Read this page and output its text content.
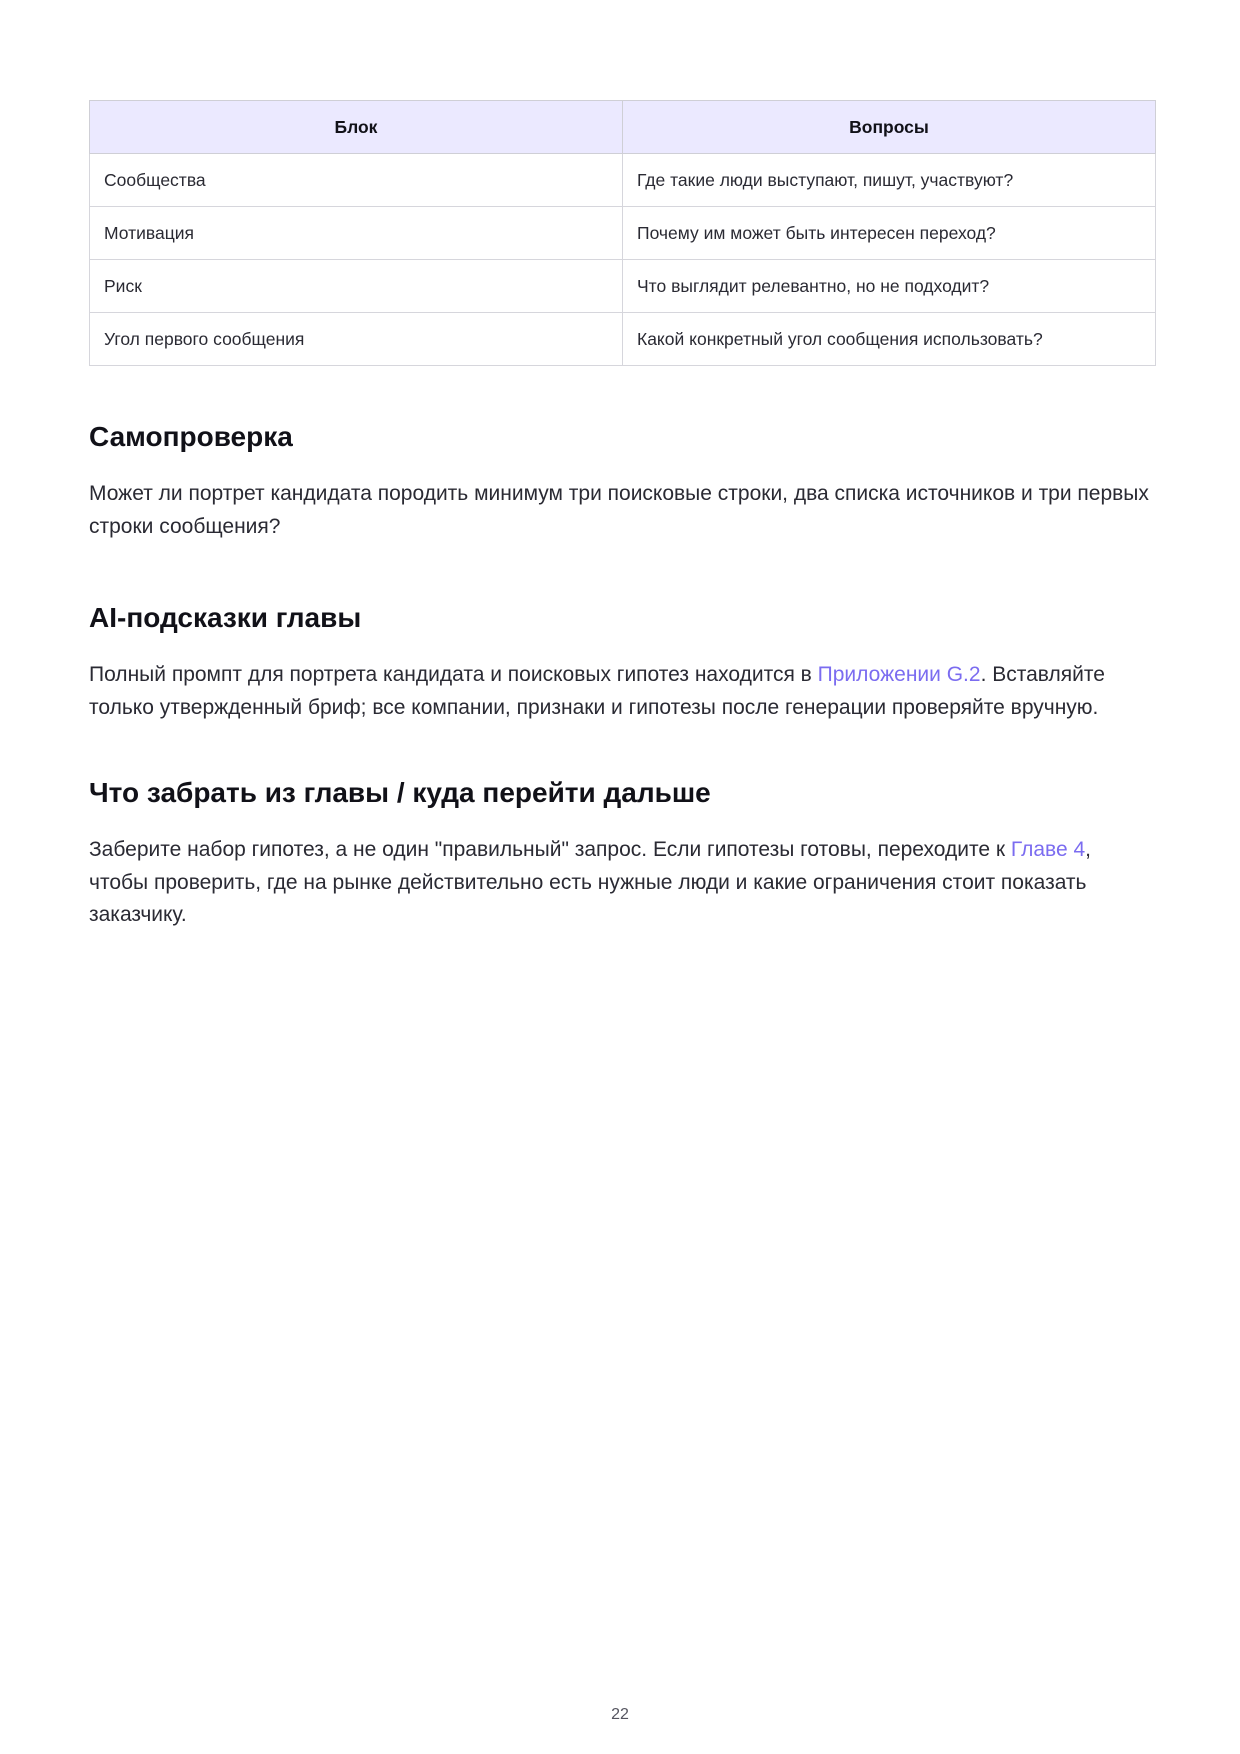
Блок	Вопросы
Сообщества	Где такие люди выступают, пишут, участвуют?
Мотивация	Почему им может быть интересен переход?
Риск	Что выглядит релевантно, но не подходит?
Угол первого сообщения	Какой конкретный угол сообщения использовать?
Самопроверка

Может ли портрет кандидата породить минимум три поисковые строки, два списка источников и три первых строки сообщения?

AI-подсказки главы

Полный промпт для портрета кандидата и поисковых гипотез находится в Приложении G.2. Вставляйте только утвержденный бриф; все компании, признаки и гипотезы после генерации проверяйте вручную.

Что забрать из главы / куда перейти дальше

Заберите набор гипотез, а не один "правильный" запрос. Если гипотезы готовы, переходите к Главе 4, чтобы проверить, где на рынке действительно есть нужные люди и какие ограничения стоит показать заказчику.

22
